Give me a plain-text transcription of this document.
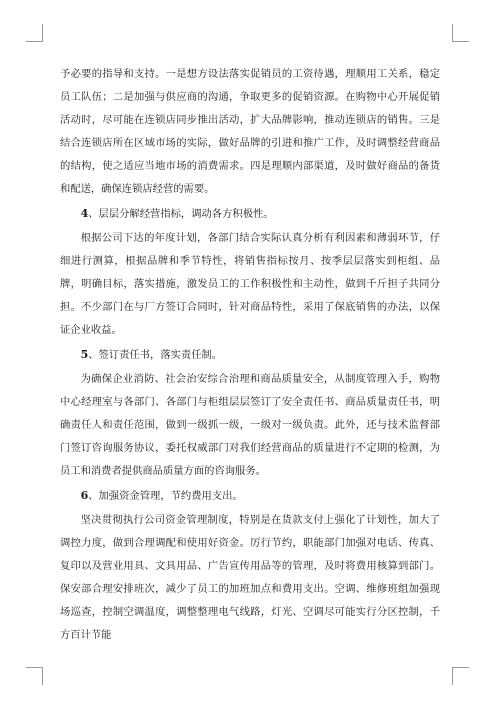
予必要的指导和支持。一是想方设法落实促销员的工资待遇，理顺用工关系，稳定员工队伍；二是加强与供应商的沟通，争取更多的促销资源。在购物中心开展促销活动时，尽可能在连锁店同步推出活动，扩大品牌影响，推动连锁店的销售。三是结合连锁店所在区域市场的实际，做好品牌的引进和推广工作，及时调整经营商品的结构，使之适应当地市场的消费需求。四是理顺内部渠道，及时做好商品的备货和配送，确保连锁店经营的需要。

4、层层分解经营指标，调动各方积极性。

根据公司下达的年度计划，各部门结合实际认真分析有利因素和薄弱环节，仔细进行测算，根据品牌和季节特性，将销售指标按月、按季层层落实到柜组、品牌，明确目标，落实措施，激发员工的工作积极性和主动性，做到千斤担子共同分担。不少部门在与厂方签订合同时，针对商品特性，采用了保底销售的办法，以保证企业收益。

5、签订责任书，落实责任制。

为确保企业消防、社会治安综合治理和商品质量安全，从制度管理入手，购物中心经理室与各部门、各部门与柜组层层签订了安全责任书、商品质量责任书，明确责任人和责任范围，做到一级抓一级，一级对一级负责。此外，还与技术监督部门签订咨询服务协议，委托权威部门对我们经营商品的质量进行不定期的检测，为员工和消费者提供商品质量方面的咨询服务。

6、加强资金管理，节约费用支出。

坚决贯彻执行公司资金管理制度，特别是在货款支付上强化了计划性，加大了调控力度，做到合理调配和使用好资金。厉行节约，职能部门加强对电话、传真、复印以及营业用具、文具用品、广告宣传用品等的管理，及时将费用核算到部门。保安部合理安排班次，减少了员工的加班加点和费用支出。空调、维修班组加强现场巡查，控制空调温度，调整整理电气线路，灯光、空调尽可能实行分区控制，千方百计节能
